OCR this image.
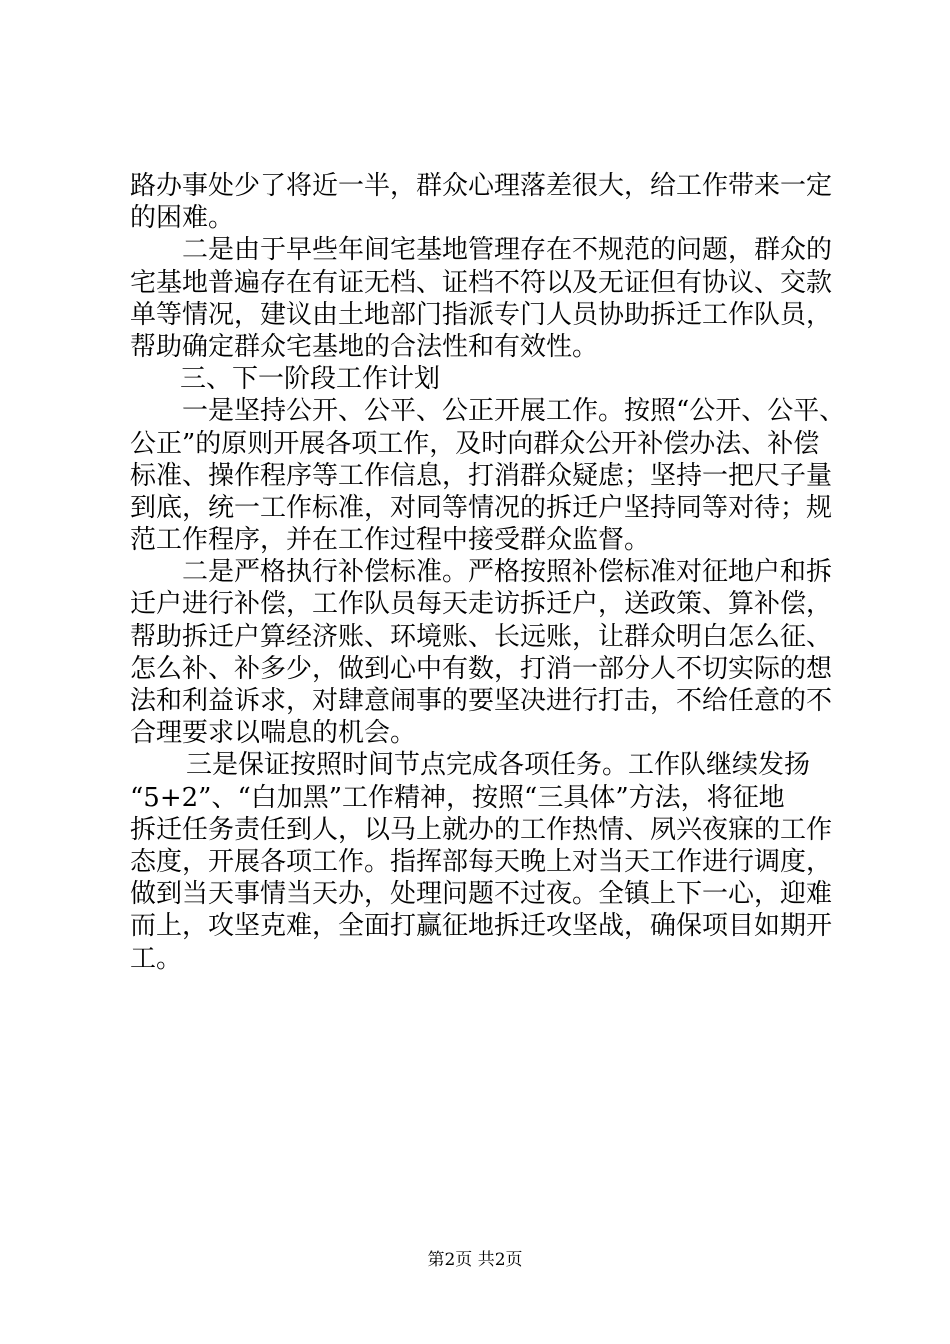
路办事处少了将近一半，群众心理落差很大，给工作带来一定
的困难。
二是由于早些年间宅基地管理存在不规范的问题，群众的
宅基地普遍存在有证无档、证档不符以及无证但有协议、交款
单等情况，建议由土地部门指派专门人员协助拆迁工作队员，
帮助确定群众宅基地的合法性和有效性。
三、下一阶段工作计划
一是坚持公开、公平、公正开展工作。按照“公开、公平、
公正”的原则开展各项工作，及时向群众公开补偿办法、补偿
标准、操作程序等工作信息，打消群众疑虑；坚持一把尺子量
到底，统一工作标准，对同等情况的拆迁户坚持同等对待；规
范工作程序，并在工作过程中接受群众监督。
二是严格执行补偿标准。严格按照补偿标准对征地户和拆
迁户进行补偿，工作队员每天走访拆迁户，送政策、算补偿，
帮助拆迁户算经济账、环境账、长远账，让群众明白怎么征、
怎么补、补多少，做到心中有数，打消一部分人不切实际的想
法和利益诉求，对肆意闹事的要坚决进行打击，不给任意的不
合理要求以喘息的机会。
三是保证按照时间节点完成各项任务。工作队继续发扬
“5+2”、“白加黑”工作精神，按照“三具体”方法，将征地
拆迁任务责任到人，以马上就办的工作热情、夙兴夜寐的工作
态度，开展各项工作。指挥部每天晚上对当天工作进行调度，
做到当天事情当天办，处理问题不过夜。全镇上下一心，迎难
而上，攻坚克难，全面打赢征地拆迁攻坚战，确保项目如期开
工。
第2页 共2页
